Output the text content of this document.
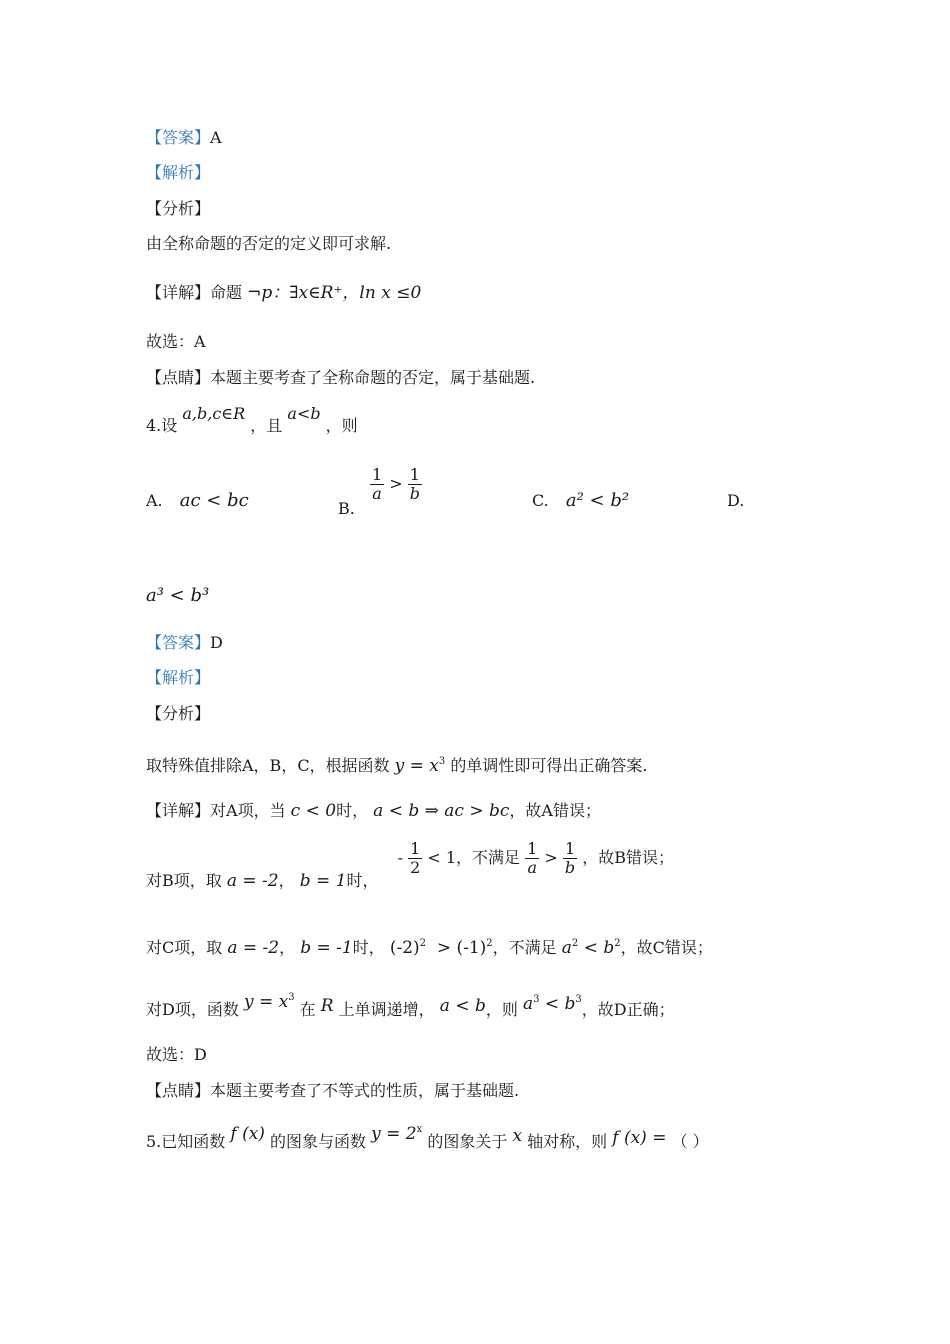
【答案】A
【解析】
【分析】
由全称命题的否定的定义即可求解.
【详解】命题 ¬p：∃x∈R⁺，ln x ≤0
故选：A
【点睛】本题主要考查了全称命题的否定，属于基础题.
4.设 a,b,c∈R ，且 a<b ，则
A. ac < bc	B.
$\frac{1}{a} > \frac{1}{b}$	C. a² < b²	D.
a³ < b³
【答案】D
【解析】
【分析】
取特殊值排除A，B，C，根据函数 $y = x^3$ 的单调性即可得出正确答案.
【详解】对A项，当 c < 0时， a < b ⇒ ac > bc，故A错误；
对B项，取 a = -2， b = 1时， - $\frac{1}{2} < 1$，不满足 $\frac{1}{a} > \frac{1}{b}$ ，故B错误；
对C项，取 a = -2， b = -1时， $(-2)^2 > (-1)^2$，不满足 $a^2 < b^2$，故C错误；
对D项，函数 $y = x^3$ 在 R 上单调递增， a < b，则 $a^3 < b^3$，故D正确；
故选：D
【点睛】本题主要考查了不等式的性质，属于基础题.
5.已知函数 f (x) 的图象与函数 $y = 2^x$ 的图象关于 x 轴对称，则 f (x) = （ ）
